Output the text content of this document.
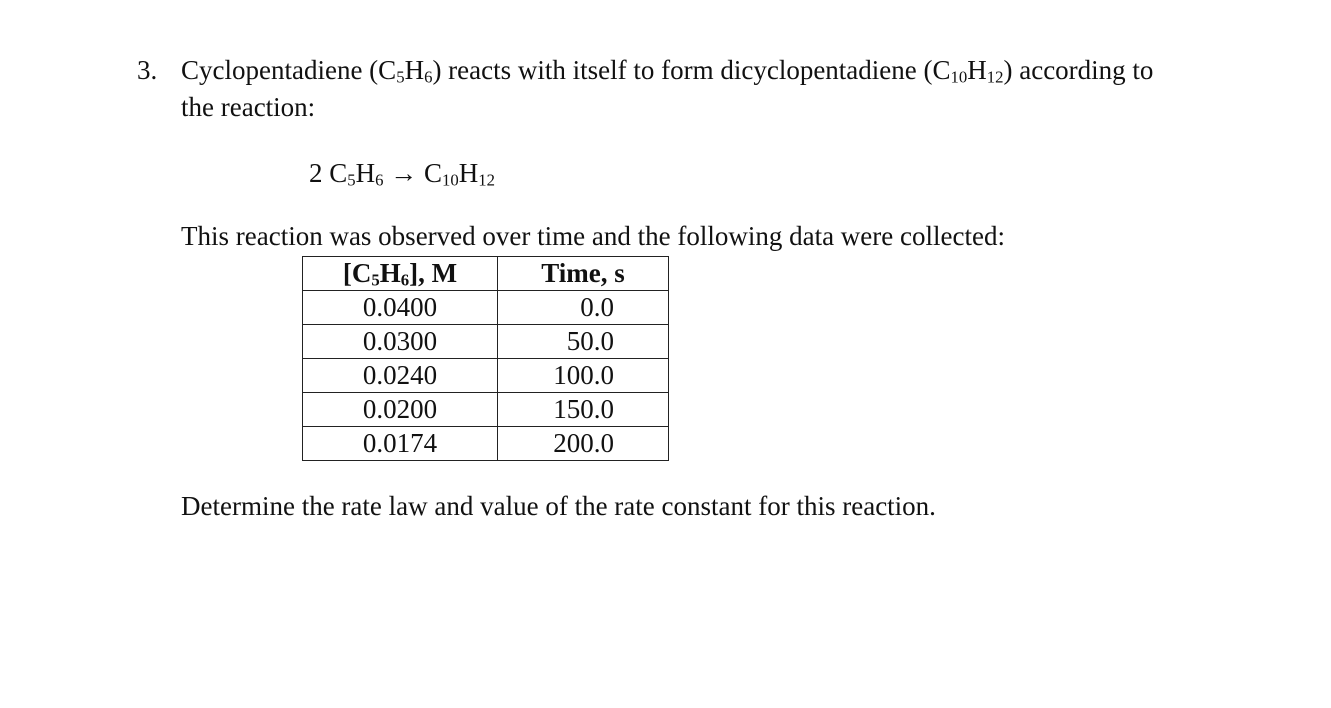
3. Cyclopentadiene $(C_5H_6)$ reacts with itself to form dicyclopentadiene $(C_{10}H_{12})$ according to
the reaction:
2 $C_5H_6 \to C_{10}H_{12}$
This reaction was observed over time and the following data were collected:
$[C_5H_6]$, M	Time, s
0.0400	0.0
0.0300	50.0
0.0240	100.0
0.0200	150.0
0.0174	200.0
Determine the rate law and value of the rate constant for this reaction.
